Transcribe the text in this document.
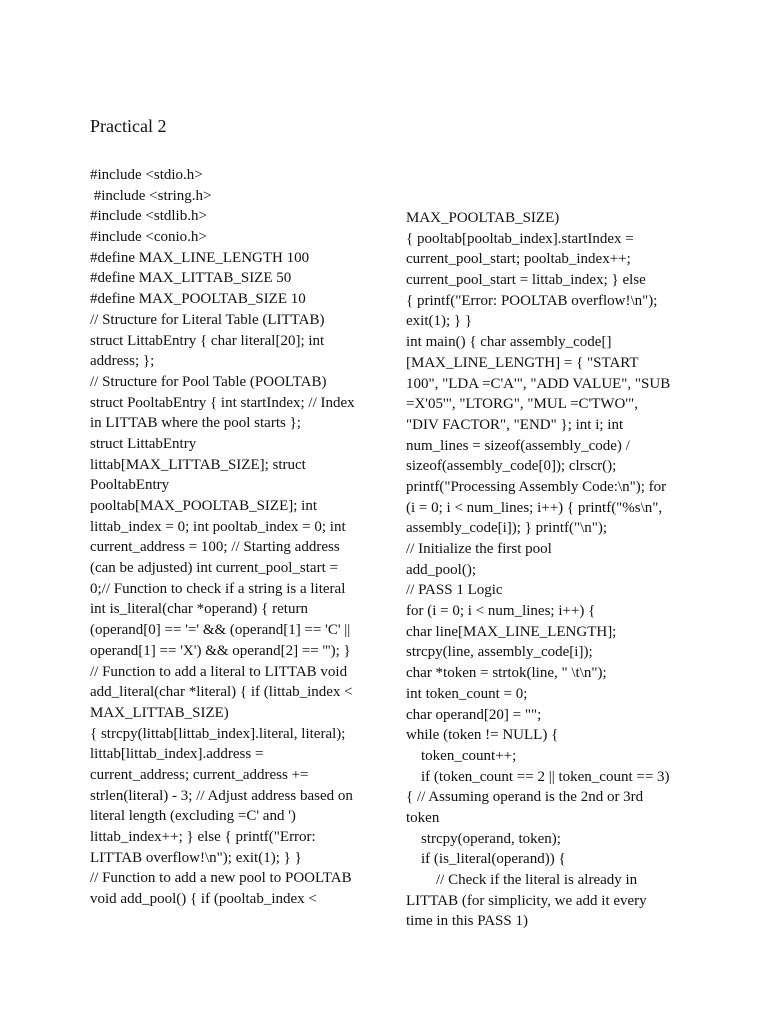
Practical 2
#include <stdio.h>
#include <string.h>
#include <stdlib.h>
#include <conio.h>
#define MAX_LINE_LENGTH 100
#define MAX_LITTAB_SIZE 50
#define MAX_POOLTAB_SIZE 10
// Structure for Literal Table (LITTAB)
struct LittabEntry { char literal[20]; int
address; };
// Structure for Pool Table (POOLTAB)
struct PooltabEntry { int startIndex; // Index
in LITTAB where the pool starts };
struct LittabEntry
littab[MAX_LITTAB_SIZE]; struct
PooltabEntry
pooltab[MAX_POOLTAB_SIZE]; int
littab_index = 0; int pooltab_index = 0; int
current_address = 100; // Starting address
(can be adjusted) int current_pool_start =
0;// Function to check if a string is a literal
int is_literal(char *operand) { return
(operand[0] == '=' && (operand[1] == 'C' ||
operand[1] == 'X') && operand[2] == '''); }
// Function to add a literal to LITTAB void
add_literal(char *literal) { if (littab_index <
MAX_LITTAB_SIZE)
{ strcpy(littab[littab_index].literal, literal);
littab[littab_index].address =
current_address; current_address +=
strlen(literal) - 3; // Adjust address based on
literal length (excluding =C' and ')
littab_index++; } else { printf("Error:
LITTAB overflow!\n"); exit(1); } }
// Function to add a new pool to POOLTAB
void add_pool() { if (pooltab_index <
MAX_POOLTAB_SIZE)
{ pooltab[pooltab_index].startIndex =
current_pool_start; pooltab_index++;
current_pool_start = littab_index; } else
{ printf("Error: POOLTAB overflow!\n");
exit(1); } }
int main() { char assembly_code[]
[MAX_LINE_LENGTH] = { "START
100", "LDA =C'A'", "ADD VALUE", "SUB
=X'05'", "LTORG", "MUL =C'TWO'",
"DIV FACTOR", "END" }; int i; int
num_lines = sizeof(assembly_code) /
sizeof(assembly_code[0]); clrscr();
printf("Processing Assembly Code:\n"); for
(i = 0; i < num_lines; i++) { printf("%s\n",
assembly_code[i]); } printf("\n");
// Initialize the first pool
add_pool();
// PASS 1 Logic
for (i = 0; i < num_lines; i++) {
char line[MAX_LINE_LENGTH];
strcpy(line, assembly_code[i]);
char *token = strtok(line, " \t\n");
int token_count = 0;
char operand[20] = "";
while (token != NULL) {
token_count++;
if (token_count == 2 || token_count == 3)
{ // Assuming operand is the 2nd or 3rd
token
strcpy(operand, token);
if (is_literal(operand)) {
// Check if the literal is already in
LITTAB (for simplicity, we add it every
time in this PASS 1)
